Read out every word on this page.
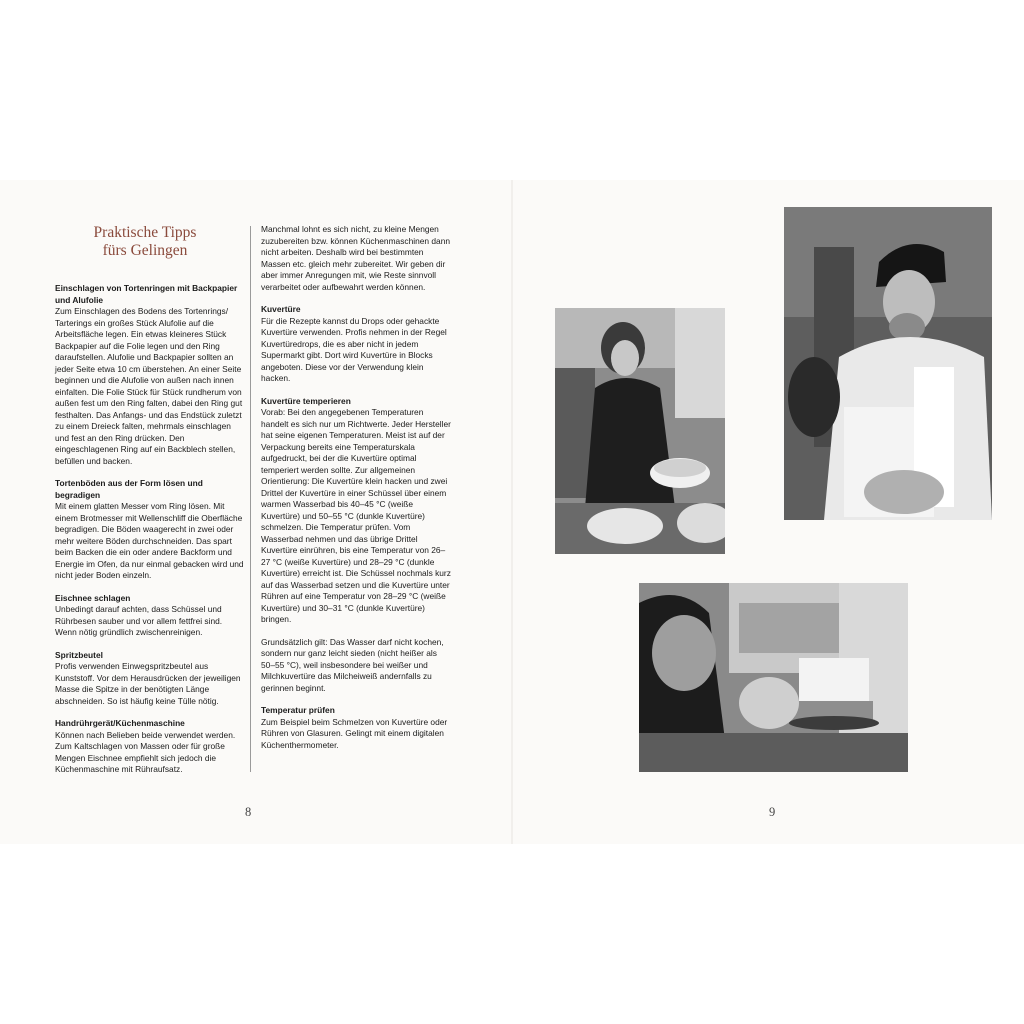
Praktische Tipps
fürs Gelingen
Einschlagen von Tortenringen mit Backpapier und Alufolie

Zum Einschlagen des Bodens des Tortenrings/ Tarterings ein großes Stück Alufolie auf die Arbeitsfläche legen. Ein etwas kleineres Stück Backpapier auf die Folie legen und den Ring daraufstellen. Alufolie und Backpapier sollten an jeder Seite etwa 10 cm überstehen. An einer Seite beginnen und die Alufolie von außen nach innen einfalten. Die Folie Stück für Stück rundherum von außen fest um den Ring falten, dabei den Ring gut festhalten. Das Anfangs- und das Endstück zuletzt zu einem Dreieck falten, mehrmals einschlagen und fest an den Ring drücken. Den eingeschlagenen Ring auf ein Backblech stellen, befüllen und backen.

Tortenböden aus der Form lösen und begradigen

Mit einem glatten Messer vom Ring lösen. Mit einem Brotmesser mit Wellenschliff die Oberfläche begradigen. Die Böden waagerecht in zwei oder mehr weitere Böden durchschneiden. Das spart beim Backen die ein oder andere Backform und Energie im Ofen, da nur einmal gebacken wird und nicht jeder Boden einzeln.

Eischnee schlagen

Unbedingt darauf achten, dass Schüssel und Rührbesen sauber und vor allem fettfrei sind. Wenn nötig gründlich zwischenreinigen.

Spritzbeutel

Profis verwenden Einwegspritzbeutel aus Kunststoff. Vor dem Herausdrücken der jeweiligen Masse die Spitze in der benötigten Länge abschneiden. So ist häufig keine Tülle nötig.

Handrührgerät/Küchenmaschine

Können nach Belieben beide verwendet werden. Zum Kaltschlagen von Massen oder für große Mengen Eischnee empfiehlt sich jedoch die Küchenmaschine mit Rühraufsatz.

Manchmal lohnt es sich nicht, zu kleine Mengen zuzubereiten bzw. können Küchenmaschinen dann nicht arbeiten. Deshalb wird bei bestimmten Massen etc. gleich mehr zubereitet. Wir geben dir aber immer Anregungen mit, wie Reste sinnvoll verarbeitet oder aufbewahrt werden können.

Kuvertüre

Für die Rezepte kannst du Drops oder gehackte Kuvertüre verwenden. Profis nehmen in der Regel Kuvertüredrops, die es aber nicht in jedem Supermarkt gibt. Dort wird Kuvertüre in Blocks angeboten. Diese vor der Verwendung klein hacken.

Kuvertüre temperieren

Vorab: Bei den angegebenen Temperaturen handelt es sich nur um Richtwerte. Jeder Hersteller hat seine eigenen Temperaturen. Meist ist auf der Verpackung bereits eine Temperaturskala aufgedruckt, bei der die Kuvertüre optimal temperiert werden sollte. Zur allgemeinen Orientierung: Die Kuvertüre klein hacken und zwei Drittel der Kuvertüre in einer Schüssel über einem warmen Wasserbad bis 40–45 °C (weiße Kuvertüre) und 50–55 °C (dunkle Kuvertüre) schmelzen. Die Temperatur prüfen. Vom Wasserbad nehmen und das übrige Drittel Kuvertüre einrühren, bis eine Temperatur von 26–27 °C (weiße Kuvertüre) und 28–29 °C (dunkle Kuvertüre) erreicht ist. Die Schüssel nochmals kurz auf das Wasserbad setzen und die Kuvertüre unter Rühren auf eine Temperatur von 28–29 °C (weiße Kuvertüre) und 30–31 °C (dunkle Kuvertüre) bringen.

Grundsätzlich gilt: Das Wasser darf nicht kochen, sondern nur ganz leicht sieden (nicht heißer als 50–55 °C), weil insbesondere bei weißer und Milchkuvertüre das Milcheiweiß andernfalls zu gerinnen beginnt.

Temperatur prüfen

Zum Beispiel beim Schmelzen von Kuvertüre oder Rühren von Glasuren. Gelingt mit einem digitalen Küchenthermometer.

8	9
